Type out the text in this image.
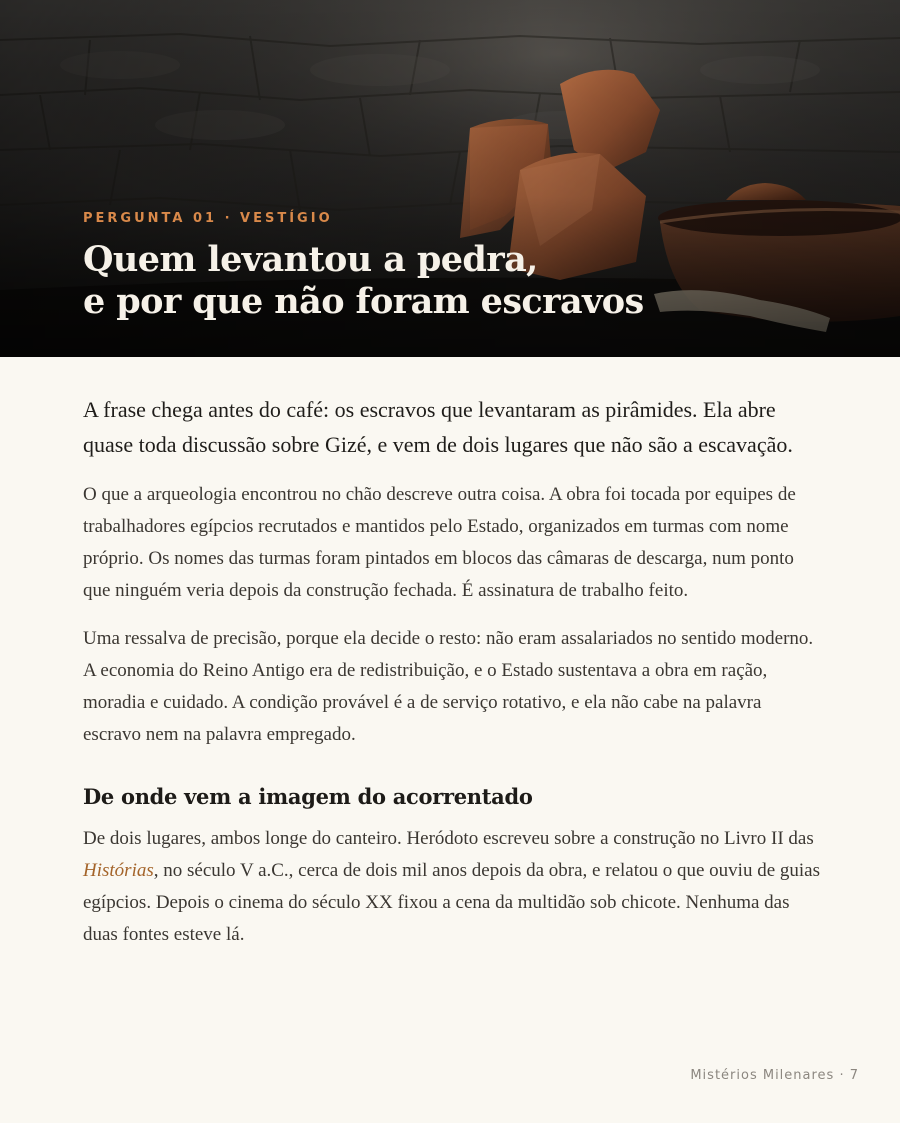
PERGUNTA 01 · VESTÍGIO

Quem levantou a pedra,
e por que não foram escravos

A frase chega antes do café: os escravos que levantaram as pirâmides. Ela abre quase toda discussão sobre Gizé, e vem de dois lugares que não são a escavação.

O que a arqueologia encontrou no chão descreve outra coisa. A obra foi tocada por equipes de trabalhadores egípcios recrutados e mantidos pelo Estado, organizados em turmas com nome próprio. Os nomes das turmas foram pintados em blocos das câmaras de descarga, num ponto que ninguém veria depois da construção fechada. É assinatura de trabalho feito.

Uma ressalva de precisão, porque ela decide o resto: não eram assalariados no sentido moderno. A economia do Reino Antigo era de redistribuição, e o Estado sustentava a obra em ração, moradia e cuidado. A condição provável é a de serviço rotativo, e ela não cabe na palavra escravo nem na palavra empregado.

De onde vem a imagem do acorrentado

De dois lugares, ambos longe do canteiro. Heródoto escreveu sobre a construção no Livro II das Histórias, no século V a.C., cerca de dois mil anos depois da obra, e relatou o que ouviu de guias egípcios. Depois o cinema do século XX fixou a cena da multidão sob chicote. Nenhuma das duas fontes esteve lá.

Mistérios Milenares · 7
